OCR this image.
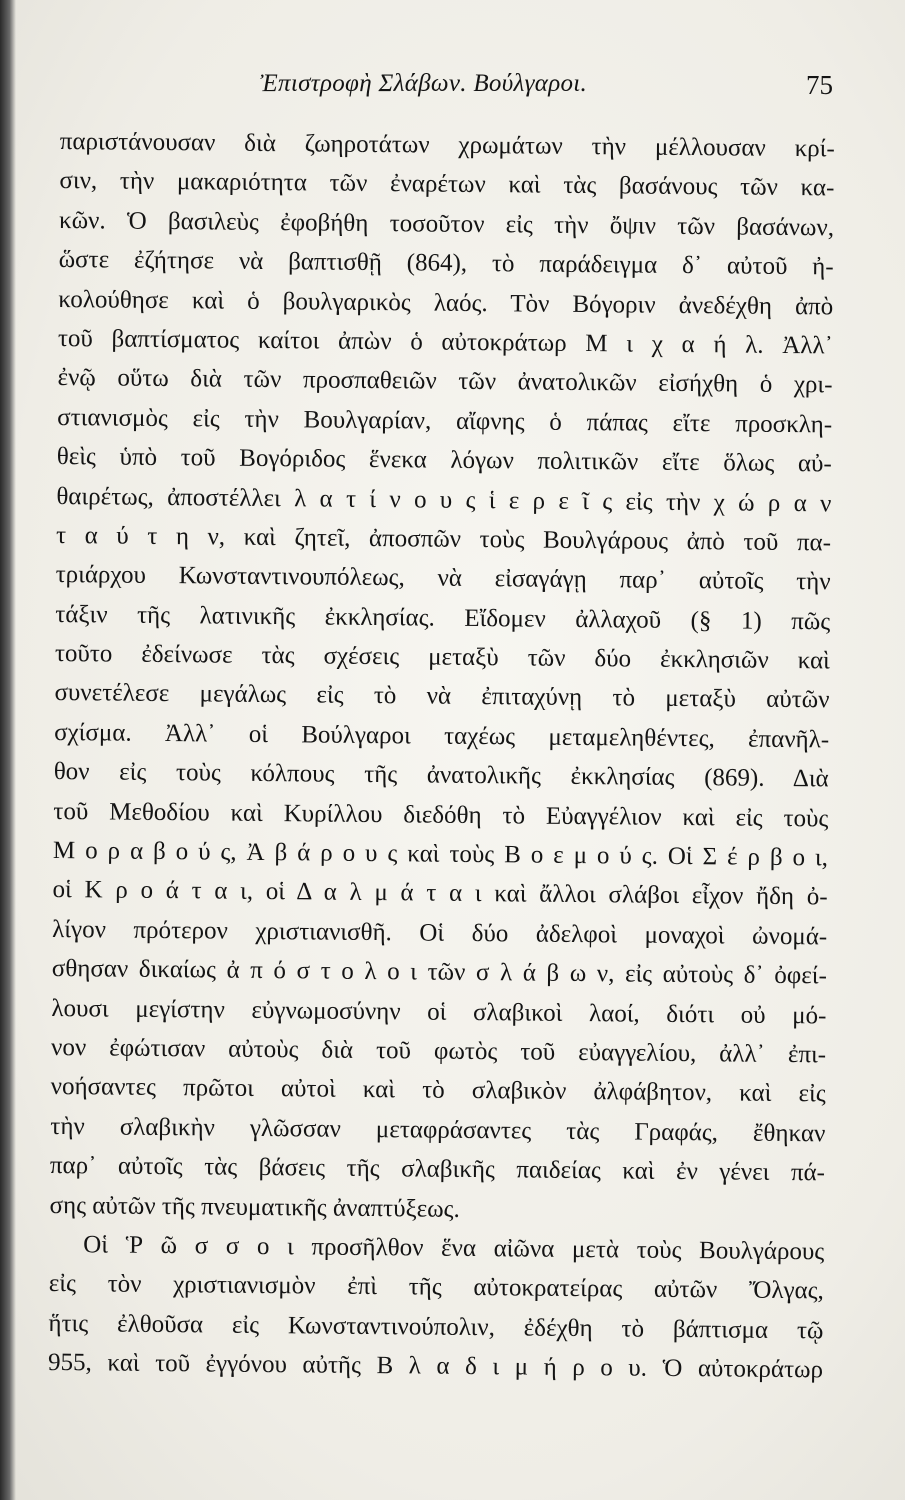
Ἐπιστροφὴ Σλάβων. Βούλγαροι.	75
παριστάνουσαν διὰ ζωηροτάτων χρωμάτων τὴν μέλλουσαν κρί-
σιν, τὴν μακαριότητα τῶν ἐναρέτων καὶ τὰς βασάνους τῶν κα-
κῶν. Ὁ βασιλεὺς ἐφοβήθη τοσοῦτον εἰς τὴν ὄψιν τῶν βασάνων,
ὥστε ἐζήτησε νὰ βαπτισθῇ (864), τὸ παράδειγμα δ᾽ αὐτοῦ ἠ-
κολούθησε καὶ ὁ βουλγαρικὸς λαός. Τὸν Βόγοριν ἀνεδέχθη ἀπὸ
τοῦ βαπτίσματος καίτοι ἀπὼν ὁ αὐτοκράτωρ Μ ι χ α ή λ. Ἀλλ᾽
ἐνῷ οὕτω διὰ τῶν προσπαθειῶν τῶν ἀνατολικῶν εἰσήχθη ὁ χρι-
στιανισμὸς εἰς τὴν Βουλγαρίαν, αἴφνης ὁ πάπας εἴτε προσκλη-
θεὶς ὑπὸ τοῦ Βογόριδος ἕνεκα λόγων πολιτικῶν εἴτε ὅλως αὐ-
θαιρέτως, ἀποστέλλει λ α τ ί ν ο υ ς ἱ ε ρ ε ῖ ς εἰς τὴν χ ώ ρ α ν
τ α ύ τ η ν, καὶ ζητεῖ, ἀποσπῶν τοὺς Βουλγάρους ἀπὸ τοῦ πα-
τριάρχου Κωνσταντινουπόλεως, νὰ εἰσαγάγῃ παρ᾽ αὐτοῖς τὴν
τάξιν τῆς λατινικῆς ἐκκλησίας. Εἴδομεν ἀλλαχοῦ (§ 1) πῶς
τοῦτο ἐδείνωσε τὰς σχέσεις μεταξὺ τῶν δύο ἐκκλησιῶν καὶ
συνετέλεσε μεγάλως εἰς τὸ νὰ ἐπιταχύνῃ τὸ μεταξὺ αὐτῶν
σχίσμα. Ἀλλ᾽ οἱ Βούλγαροι ταχέως μεταμεληθέντες, ἐπανῆλ-
θον εἰς τοὺς κόλπους τῆς ἀνατολικῆς ἐκκλησίας (869). Διὰ
τοῦ Μεθοδίου καὶ Κυρίλλου διεδόθη τὸ Εὐαγγέλιον καὶ εἰς τοὺς
Μ ο ρ α β ο ύ ς, Ἀ β ά ρ ο υ ς καὶ τοὺς Β ο ε μ ο ύ ς. Οἱ Σ έ ρ β ο ι,
οἱ Κ ρ ο ά τ α ι, οἱ Δ α λ μ ά τ α ι καὶ ἄλλοι σλάβοι εἶχον ἤδη ὀ-
λίγον πρότερον χριστιανισθῆ. Οἱ δύο ἀδελφοὶ μοναχοὶ ὠνομά-
σθησαν δικαίως ἀ π ό σ τ ο λ ο ι τῶν σ λ ά β ω ν, εἰς αὐτοὺς δ᾽ ὀφεί-
λουσι μεγίστην εὐγνωμοσύνην οἱ σλαβικοὶ λαοί, διότι οὐ μό-
νον ἐφώτισαν αὐτοὺς διὰ τοῦ φωτὸς τοῦ εὐαγγελίου, ἀλλ᾽ ἐπι-
νοήσαντες πρῶτοι αὐτοὶ καὶ τὸ σλαβικὸν ἀλφάβητον, καὶ εἰς
τὴν σλαβικὴν γλῶσσαν μεταφράσαντες τὰς Γραφάς, ἔθηκαν
παρ᾽ αὐτοῖς τὰς βάσεις τῆς σλαβικῆς παιδείας καὶ ἐν γένει πά-
σης αὐτῶν τῆς πνευματικῆς ἀναπτύξεως.
Οἱ Ῥ ῶ σ σ ο ι προσῆλθον ἕνα αἰῶνα μετὰ τοὺς Βουλγάρους
εἰς τὸν χριστιανισμὸν ἐπὶ τῆς αὐτοκρατείρας αὐτῶν Ὄλγας,
ἥτις ἐλθοῦσα εἰς Κωνσταντινούπολιν, ἐδέχθη τὸ βάπτισμα τῷ
955, καὶ τοῦ ἐγγόνου αὐτῆς Β λ α δ ι μ ή ρ ο υ. Ὁ αὐτοκράτωρ
